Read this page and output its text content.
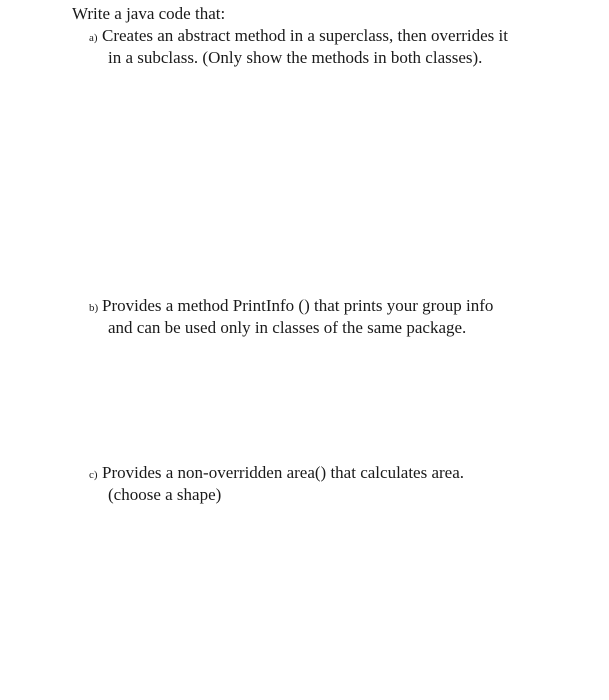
Write a java code that:
a) Creates an abstract method in a superclass, then overrides it
in a subclass. (Only show the methods in both classes).
b) Provides a method PrintInfo () that prints your group info
and can be used only in classes of the same package.
c) Provides a non-overridden area() that calculates area.
(choose a shape)
